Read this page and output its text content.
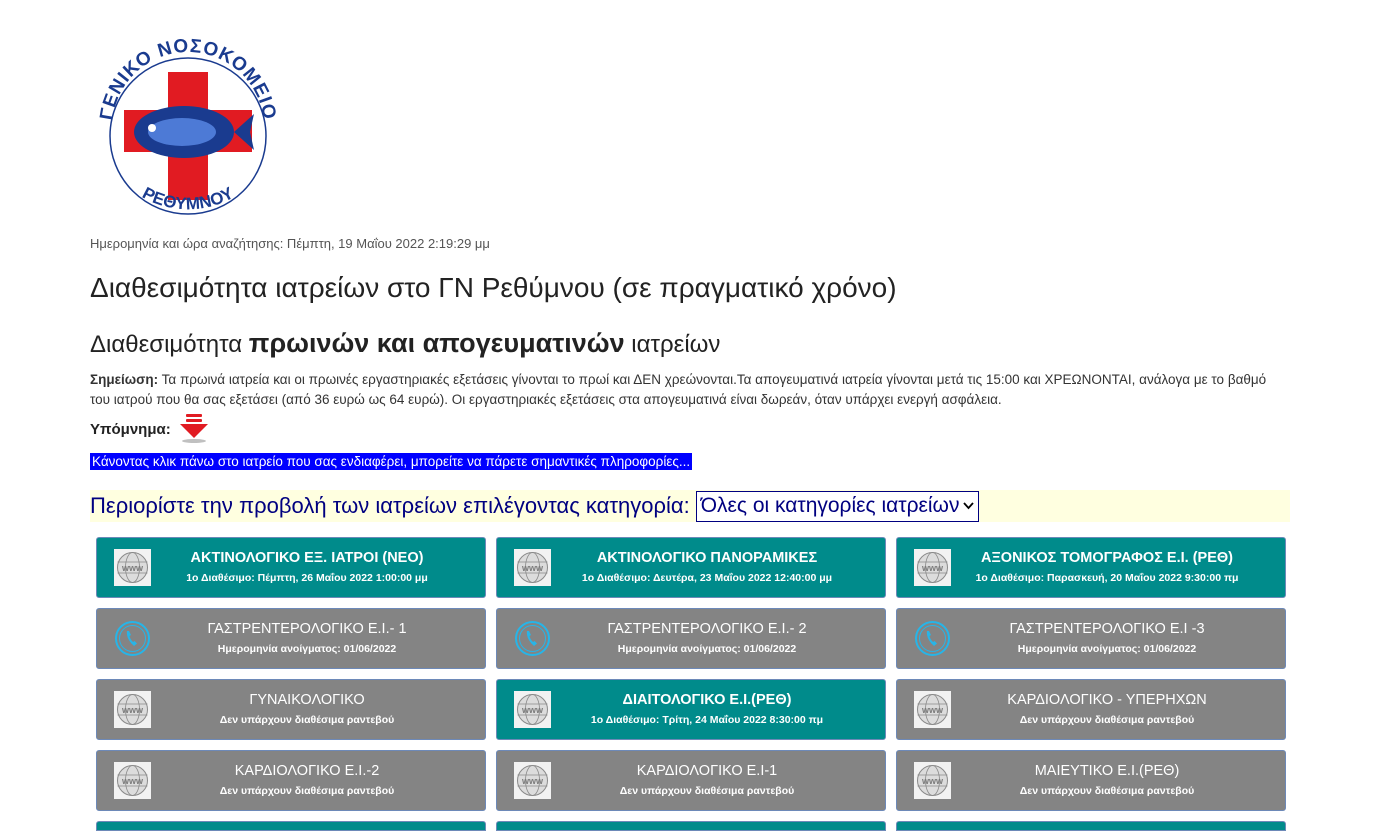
ΓΕΝΙΚΟ ΝΟΣΟΚΟΜΕΙΟ
ΡΕΘΥΜΝΟΥ
Ημερομηνία και ώρα αναζήτησης: Πέμπτη, 19 Μαΐου 2022 2:19:29 μμ
Διαθεσιμότητα ιατρείων στο ΓΝ Ρεθύμνου (σε πραγματικό χρόνο)
Διαθεσιμότητα πρωινών και απογευματινών ιατρείων
Σημείωση: Τα πρωινά ιατρεία και οι πρωινές εργαστηριακές εξετάσεις γίνονται το πρωί και ΔΕΝ χρεώνονται.Τα απογευματινά ιατρεία γίνονται μετά τις 15:00 και ΧΡΕΩΝΟΝΤΑΙ, ανάλογα με το βαθμό του ιατρού που θα σας εξετάσει (από 36 ευρώ ως 64 ευρώ). Οι εργαστηριακές εξετάσεις στα απογευματινά είναι δωρεάν, όταν υπάρχει ενεργή ασφάλεια.
Υπόμνημα:
Κάνοντας κλικ πάνω στο ιατρείο που σας ενδιαφέρει, μπορείτε να πάρετε σημαντικές πληροφορίες...
Περιορίστε την προβολή των ιατρείων επιλέγοντας κατηγορία: Όλες οι κατηγορίες ιατρείων
www
ΑΚΤΙΝΟΛΟΓΙΚΟ ΕΞ. ΙΑΤΡΟΙ (ΝΕΟ)
1ο Διαθέσιμο: Πέμπτη, 26 Μαΐου 2022 1:00:00 μμ
www
ΑΚΤΙΝΟΛΟΓΙΚΟ ΠΑΝΟΡΑΜΙΚΕΣ
1ο Διαθέσιμο: Δευτέρα, 23 Μαΐου 2022 12:40:00 μμ
www
ΑΞΟΝΙΚΟΣ ΤΟΜΟΓΡΑΦΟΣ Ε.Ι. (ΡΕΘ)
1ο Διαθέσιμο: Παρασκευή, 20 Μαΐου 2022 9:30:00 πμ
ΓΑΣΤΡΕΝΤΕΡΟΛΟΓΙΚΟ Ε.Ι.- 1
Ημερομηνία ανοίγματος: 01/06/2022
ΓΑΣΤΡΕΝΤΕΡΟΛΟΓΙΚΟ Ε.Ι.- 2
Ημερομηνία ανοίγματος: 01/06/2022
ΓΑΣΤΡΕΝΤΕΡΟΛΟΓΙΚΟ Ε.Ι -3
Ημερομηνία ανοίγματος: 01/06/2022
www
ΓΥΝΑΙΚΟΛΟΓΙΚΟ
Δεν υπάρχουν διαθέσιμα ραντεβού
www
ΔΙΑΙΤΟΛΟΓΙΚΟ Ε.Ι.(ΡΕΘ)
1ο Διαθέσιμο: Τρίτη, 24 Μαΐου 2022 8:30:00 πμ
www
ΚΑΡΔΙΟΛΟΓΙΚΟ - ΥΠΕΡΗΧΩΝ
Δεν υπάρχουν διαθέσιμα ραντεβού
www
ΚΑΡΔΙΟΛΟΓΙΚΟ Ε.Ι.-2
Δεν υπάρχουν διαθέσιμα ραντεβού
www
ΚΑΡΔΙΟΛΟΓΙΚΟ Ε.Ι-1
Δεν υπάρχουν διαθέσιμα ραντεβού
www
ΜΑΙΕΥΤΙΚΟ Ε.Ι.(ΡΕΘ)
Δεν υπάρχουν διαθέσιμα ραντεβού
